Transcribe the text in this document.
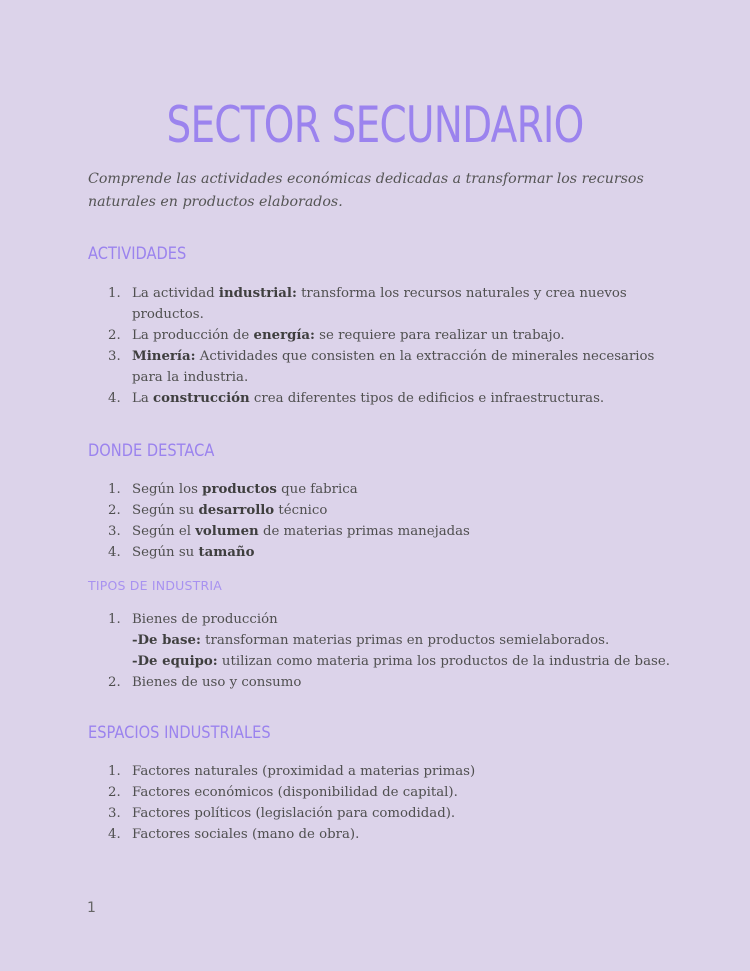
SECTOR SECUNDARIO

Comprende las actividades económicas dedicadas a transformar los recursos naturales en productos elaborados.

ACTIVIDADES
1. La actividad industrial: transforma los recursos naturales y crea nuevos productos.
2. La producción de energía: se requiere para realizar un trabajo.
3. Minería: Actividades que consisten en la extracción de minerales necesarios para la industria.
4. La construcción crea diferentes tipos de edificios e infraestructuras.
DONDE DESTACA
1. Según los productos que fabrica
2. Según su desarrollo técnico
3. Según el volumen de materias primas manejadas
4. Según su tamaño
TIPOS DE INDUSTRIA
1. Bienes de producción
-De base: transforman materias primas en productos semielaborados.
-De equipo: utilizan como materia prima los productos de la industria de base.
2. Bienes de uso y consumo
ESPACIOS INDUSTRIALES
1. Factores naturales (proximidad a materias primas)
2. Factores económicos (disponibilidad de capital).
3. Factores políticos (legislación para comodidad).
4. Factores sociales (mano de obra).
1
